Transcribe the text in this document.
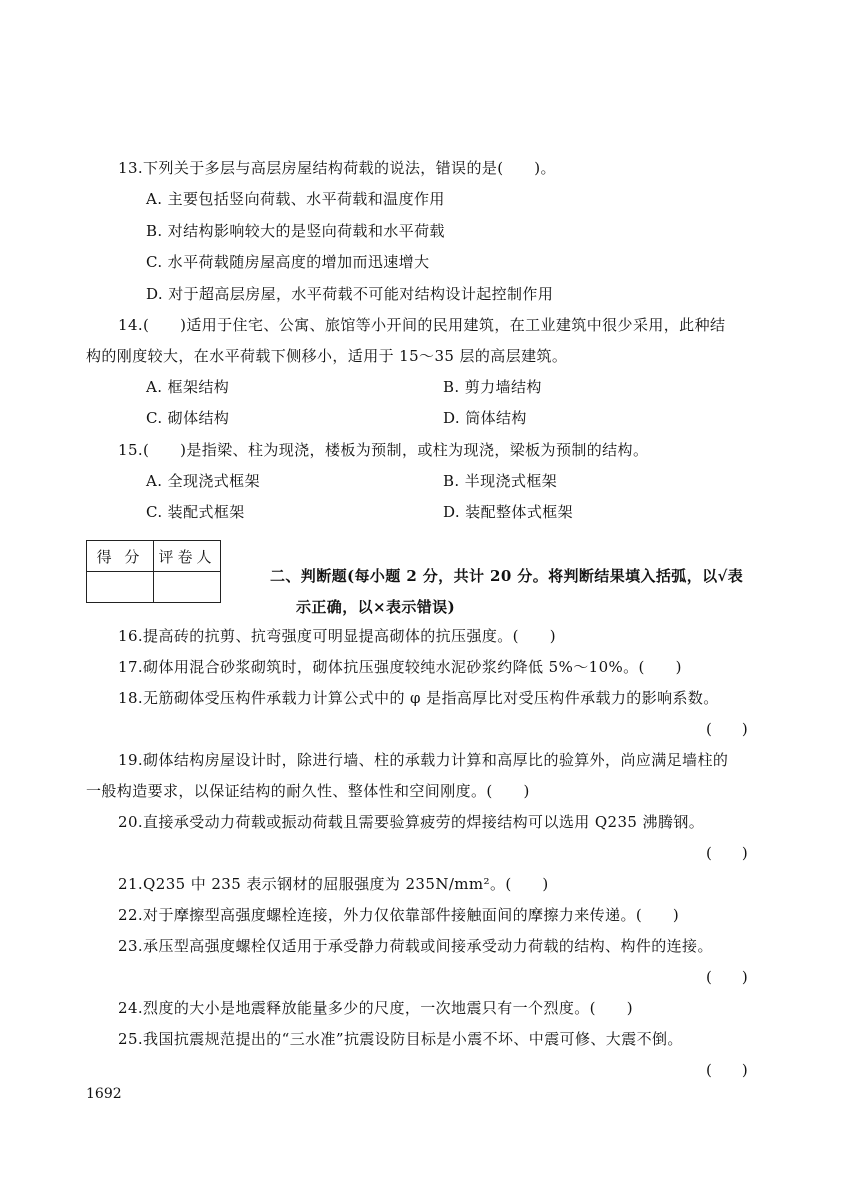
13.下列关于多层与高层房屋结构荷载的说法，错误的是(　　)。
A. 主要包括竖向荷载、水平荷载和温度作用
B. 对结构影响较大的是竖向荷载和水平荷载
C. 水平荷载随房屋高度的增加而迅速增大
D. 对于超高层房屋，水平荷载不可能对结构设计起控制作用
14.(　　)适用于住宅、公寓、旅馆等小开间的民用建筑，在工业建筑中很少采用，此种结
构的刚度较大，在水平荷载下侧移小，适用于 15～35 层的高层建筑。
A. 框架结构	B. 剪力墙结构
C. 砌体结构	D. 筒体结构
15.(　　)是指梁、柱为现浇，楼板为预制，或柱为现浇，梁板为预制的结构。
A. 全现浇式框架	B. 半现浇式框架
C. 装配式框架	D. 装配整体式框架
得 分	评卷人

二、判断题(每小题 2 分，共计 20 分。将判断结果填入括弧，以√表
示正确，以×表示错误)
16.提高砖的抗剪、抗弯强度可明显提高砌体的抗压强度。(　　)
17.砌体用混合砂浆砌筑时，砌体抗压强度较纯水泥砂浆约降低 5%～10%。(　　)
18.无筋砌体受压构件承载力计算公式中的 φ 是指高厚比对受压构件承载力的影响系数。
(　　)
19.砌体结构房屋设计时，除进行墙、柱的承载力计算和高厚比的验算外，尚应满足墙柱的
一般构造要求，以保证结构的耐久性、整体性和空间刚度。(　　)
20.直接承受动力荷载或振动荷载且需要验算疲劳的焊接结构可以选用 Q235 沸腾钢。
(　　)
21.Q235 中 235 表示钢材的屈服强度为 235N/mm²。(　　)
22.对于摩擦型高强度螺栓连接，外力仅依靠部件接触面间的摩擦力来传递。(　　)
23.承压型高强度螺栓仅适用于承受静力荷载或间接承受动力荷载的结构、构件的连接。
(　　)
24.烈度的大小是地震释放能量多少的尺度，一次地震只有一个烈度。(　　)
25.我国抗震规范提出的“三水准”抗震设防目标是小震不坏、中震可修、大震不倒。
(　　)
1692
